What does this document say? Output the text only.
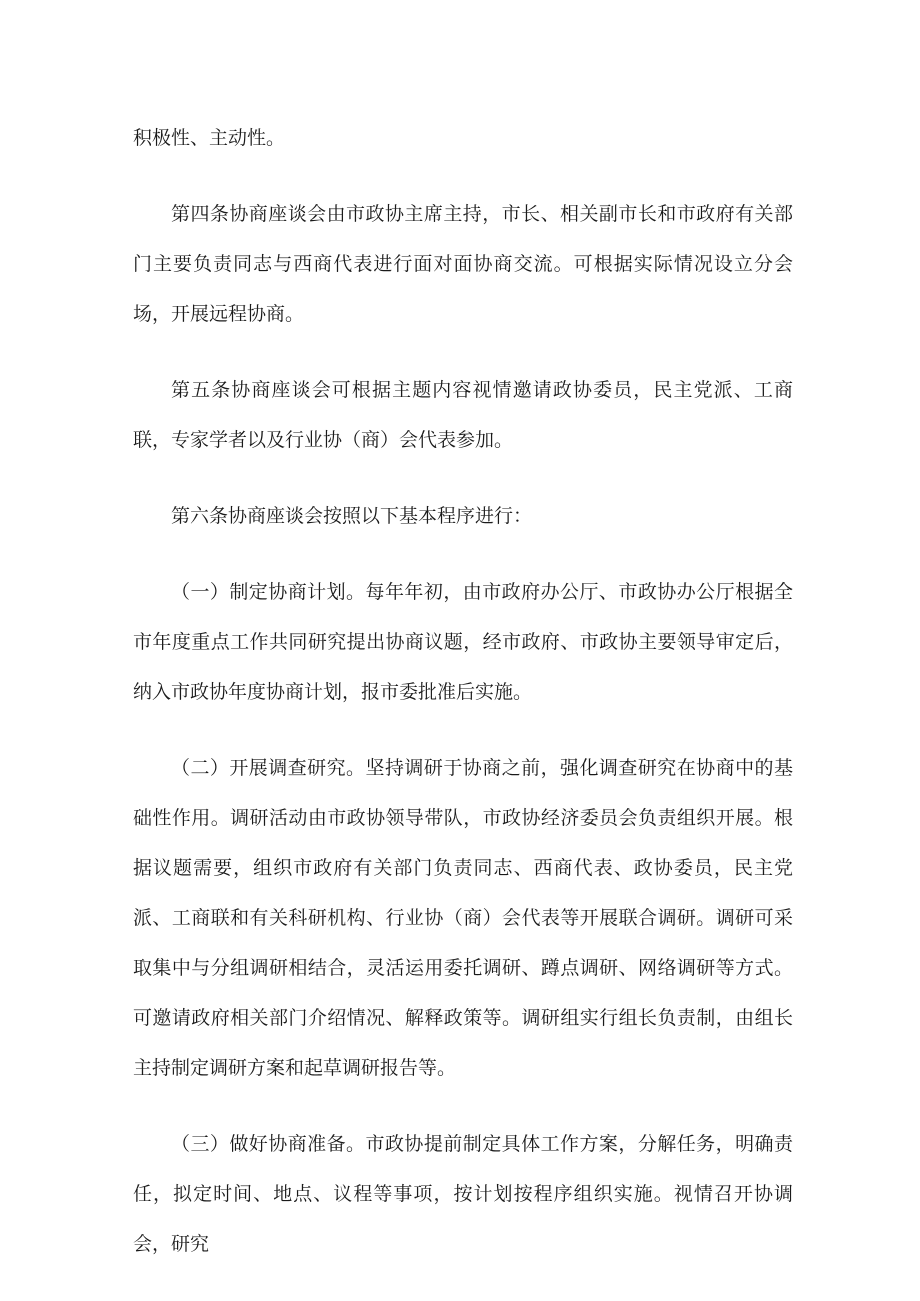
积极性、主动性。

第四条协商座谈会由市政协主席主持，市长、相关副市长和市政府有关部门主要负责同志与西商代表进行面对面协商交流。可根据实际情况设立分会场，开展远程协商。

第五条协商座谈会可根据主题内容视情邀请政协委员，民主党派、工商联，专家学者以及行业协（商）会代表参加。

第六条协商座谈会按照以下基本程序进行：

（一）制定协商计划。每年年初，由市政府办公厅、市政协办公厅根据全市年度重点工作共同研究提出协商议题，经市政府、市政协主要领导审定后，纳入市政协年度协商计划，报市委批准后实施。

（二）开展调查研究。坚持调研于协商之前，强化调查研究在协商中的基础性作用。调研活动由市政协领导带队，市政协经济委员会负责组织开展。根据议题需要，组织市政府有关部门负责同志、西商代表、政协委员，民主党派、工商联和有关科研机构、行业协（商）会代表等开展联合调研。调研可采取集中与分组调研相结合，灵活运用委托调研、蹲点调研、网络调研等方式。可邀请政府相关部门介绍情况、解释政策等。调研组实行组长负责制，由组长主持制定调研方案和起草调研报告等。

（三）做好协商准备。市政协提前制定具体工作方案，分解任务，明确责任，拟定时间、地点、议程等事项，按计划按程序组织实施。视情召开协调会，研究
